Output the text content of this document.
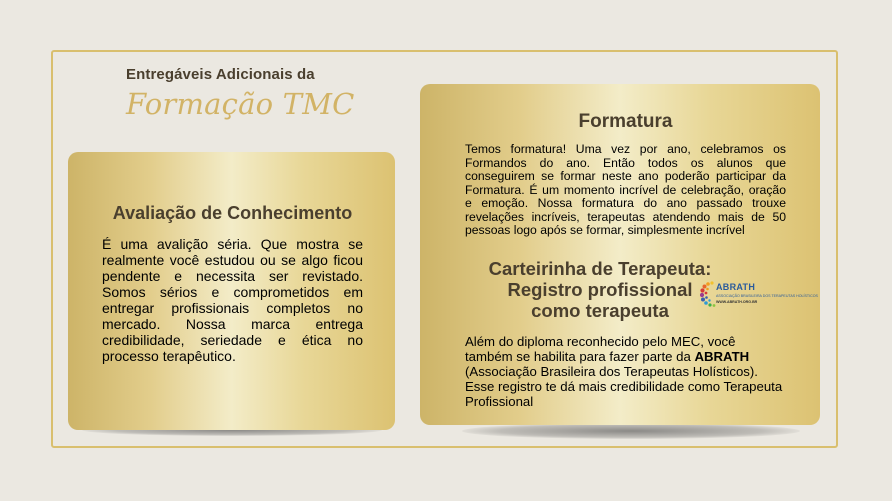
Entregáveis Adicionais da

Formação TMC

Avaliação de Conhecimento

É uma avalição séria. Que mostra se realmente você estudou ou se algo ficou pendente e necessita ser revistado. Somos sérios e comprometidos em entregar profissionais completos no mercado. Nossa marca entrega credibilidade, seriedade e ética no processo terapêutico.

Formatura

Temos formatura! Uma vez por ano, celebramos os Formandos do ano. Então todos os alunos que conseguirem se formar neste ano poderão participar da Formatura. É um momento incrível de celebração, oração e emoção. Nossa formatura do ano passado trouxe revelações incríveis, terapeutas atendendo mais de 50 pessoas logo após se formar, simplesmente incrível

Carteirinha de Terapeuta:
Registro profissional
como terapeuta
ABRATH
ASSOCIAÇÃO BRASILEIRA DOS TERAPEUTAS HOLÍSTICOS
WWW.ABRATH.ORG.BR

Além do diploma reconhecido pelo MEC, você também se habilita para fazer parte da ABRATH (Associação Brasileira dos Terapeutas Holísticos). Esse registro te dá mais credibilidade como Terapeuta Profissional
